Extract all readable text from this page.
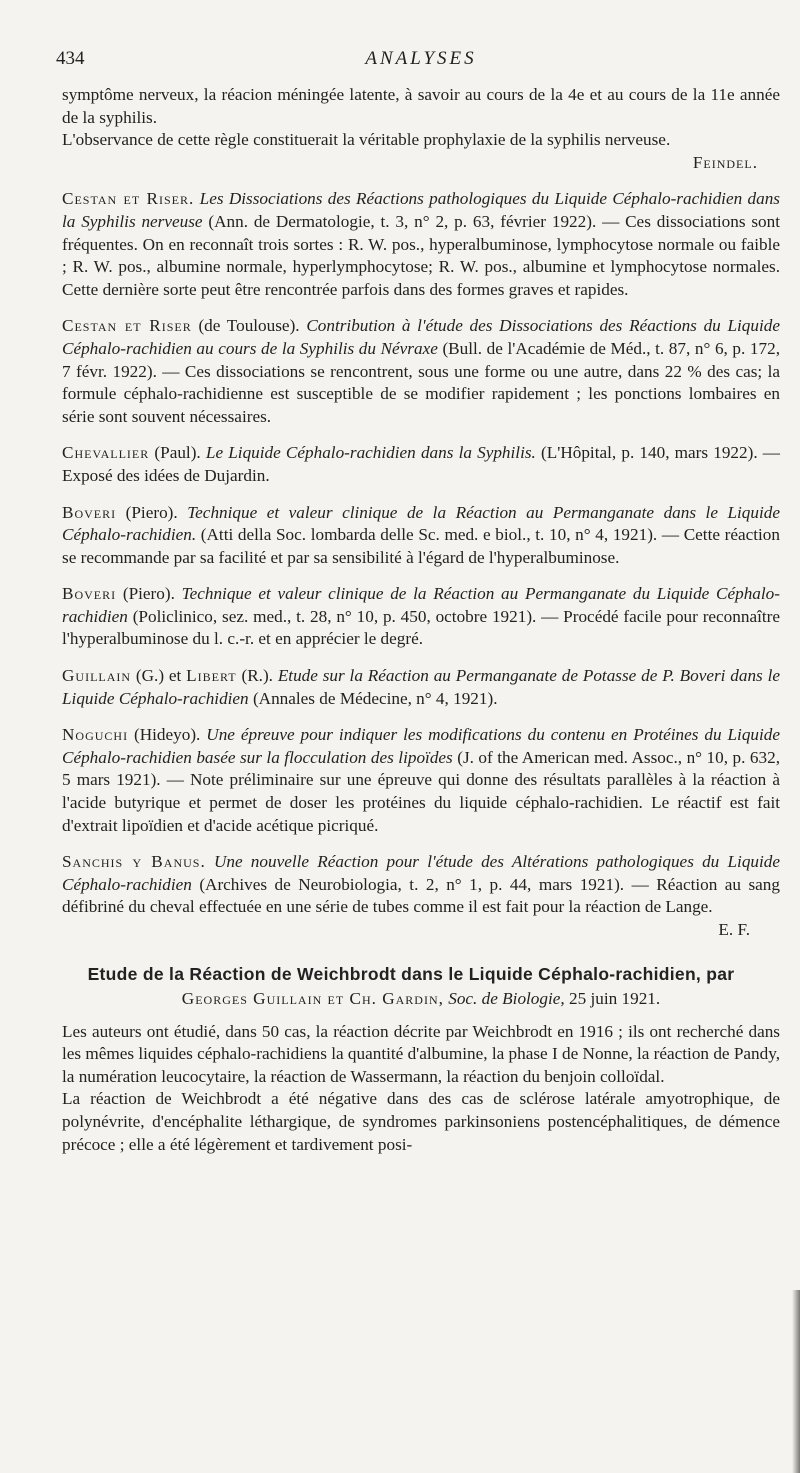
434	ANALYSES

symptôme nerveux, la réacion méningée latente, à savoir au cours de la 4e et au cours de la 11e année de la syphilis.

L'observance de cette règle constituerait la véritable prophylaxie de la syphilis nerveuse.

Feindel.

Cestan et Riser. Les Dissociations des Réactions pathologiques du Liquide Céphalo-rachidien dans la Syphilis nerveuse (Ann. de Dermatologie, t. 3, n° 2, p. 63, février 1922). — Ces dissociations sont fréquentes. On en reconnaît trois sortes : R. W. pos., hyperalbuminose, lymphocytose normale ou faible ; R. W. pos., albumine normale, hyperlymphocytose; R. W. pos., albumine et lymphocytose normales. Cette dernière sorte peut être rencontrée parfois dans des formes graves et rapides.

Cestan et Riser (de Toulouse). Contribution à l'étude des Dissociations des Réactions du Liquide Céphalo-rachidien au cours de la Syphilis du Névraxe (Bull. de l'Académie de Méd., t. 87, n° 6, p. 172, 7 févr. 1922). — Ces dissociations se rencontrent, sous une forme ou une autre, dans 22 % des cas; la formule céphalo-rachidienne est susceptible de se modifier rapidement ; les ponctions lombaires en série sont souvent nécessaires.

Chevallier (Paul). Le Liquide Céphalo-rachidien dans la Syphilis. (L'Hôpital, p. 140, mars 1922). — Exposé des idées de Dujardin.

Boveri (Piero). Technique et valeur clinique de la Réaction au Permanganate dans le Liquide Céphalo-rachidien. (Atti della Soc. lombarda delle Sc. med. e biol., t. 10, n° 4, 1921). — Cette réaction se recommande par sa facilité et par sa sensibilité à l'égard de l'hyperalbuminose.

Boveri (Piero). Technique et valeur clinique de la Réaction au Permanganate du Liquide Céphalo-rachidien (Policlinico, sez. med., t. 28, n° 10, p. 450, octobre 1921). — Procédé facile pour reconnaître l'hyperalbuminose du l. c.-r. et en apprécier le degré.

Guillain (G.) et Libert (R.). Etude sur la Réaction au Permanganate de Potasse de P. Boveri dans le Liquide Céphalo-rachidien (Annales de Médecine, n° 4, 1921).

Noguchi (Hideyo). Une épreuve pour indiquer les modifications du contenu en Protéines du Liquide Céphalo-rachidien basée sur la flocculation des lipoïdes (J. of the American med. Assoc., n° 10, p. 632, 5 mars 1921). — Note préliminaire sur une épreuve qui donne des résultats parallèles à la réaction à l'acide butyrique et permet de doser les protéines du liquide céphalo-rachidien. Le réactif est fait d'extrait lipoïdien et d'acide acétique picriqué.

Sanchis y Banus. Une nouvelle Réaction pour l'étude des Altérations pathologiques du Liquide Céphalo-rachidien (Archives de Neurobiologia, t. 2, n° 1, p. 44, mars 1921). — Réaction au sang défibriné du cheval effectuée en une série de tubes comme il est fait pour la réaction de Lange.

E. F.

Etude de la Réaction de Weichbrodt dans le Liquide Céphalo-rachidien, par
Georges Guillain et Ch. Gardin, Soc. de Biologie, 25 juin 1921.

Les auteurs ont étudié, dans 50 cas, la réaction décrite par Weichbrodt en 1916 ; ils ont recherché dans les mêmes liquides céphalo-rachidiens la quantité d'albumine, la phase I de Nonne, la réaction de Pandy, la numération leucocytaire, la réaction de Wassermann, la réaction du benjoin colloïdal.

La réaction de Weichbrodt a été négative dans des cas de sclérose latérale amyotrophique, de polynévrite, d'encéphalite léthargique, de syndromes parkinsoniens postencéphalitiques, de démence précoce ; elle a été légèrement et tardivement posi-
